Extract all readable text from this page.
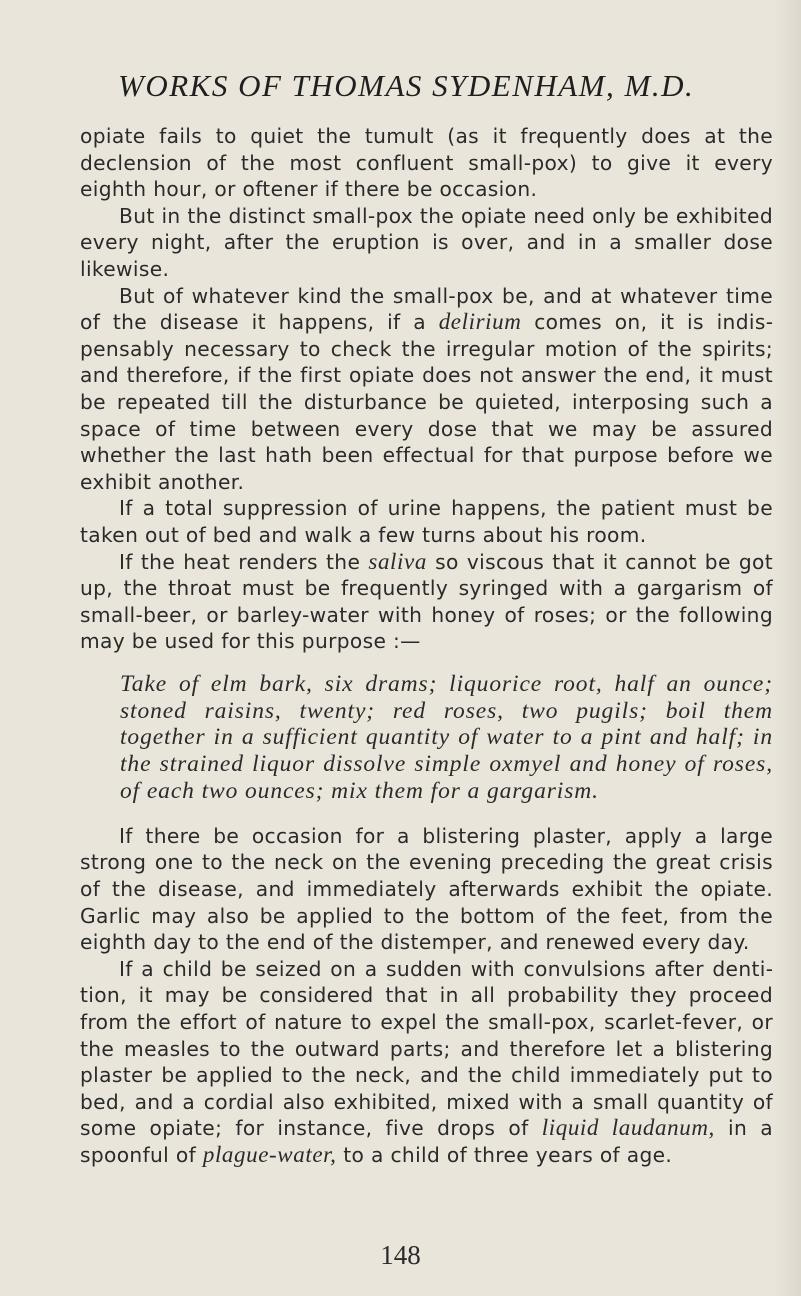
WORKS OF THOMAS SYDENHAM, M.D.

opiate fails to quiet the tumult (as it frequently does at the declension of the most confluent small-pox) to give it every eighth hour, or oftener if there be occasion.

But in the distinct small-pox the opiate need only be exhibited every night, after the eruption is over, and in a smaller dose likewise.

But of whatever kind the small-pox be, and at whatever time of the disease it happens, if a delirium comes on, it is indispensably necessary to check the irregular motion of the spirits; and therefore, if the first opiate does not answer the end, it must be repeated till the disturbance be quieted, interposing such a space of time between every dose that we may be assured whether the last hath been effectual for that purpose before we exhibit another.

If a total suppression of urine happens, the patient must be taken out of bed and walk a few turns about his room.

If the heat renders the saliva so viscous that it cannot be got up, the throat must be frequently syringed with a gargarism of small-beer, or barley-water with honey of roses; or the following may be used for this purpose :—

Take of elm bark, six drams; liquorice root, half an ounce; stoned raisins, twenty; red roses, two pugils; boil them together in a sufficient quantity of water to a pint and half; in the strained liquor dissolve simple oxmyel and honey of roses, of each two ounces; mix them for a gargarism.

If there be occasion for a blistering plaster, apply a large strong one to the neck on the evening preceding the great crisis of the disease, and immediately afterwards exhibit the opiate. Garlic may also be applied to the bottom of the feet, from the eighth day to the end of the distemper, and renewed every day.

If a child be seized on a sudden with convulsions after dentition, it may be considered that in all probability they proceed from the effort of nature to expel the small-pox, scarlet-fever, or the measles to the outward parts; and therefore let a blistering plaster be applied to the neck, and the child immediately put to bed, and a cordial also exhibited, mixed with a small quantity of some opiate; for instance, five drops of liquid laudanum, in a spoonful of plague-water, to a child of three years of age.

148
